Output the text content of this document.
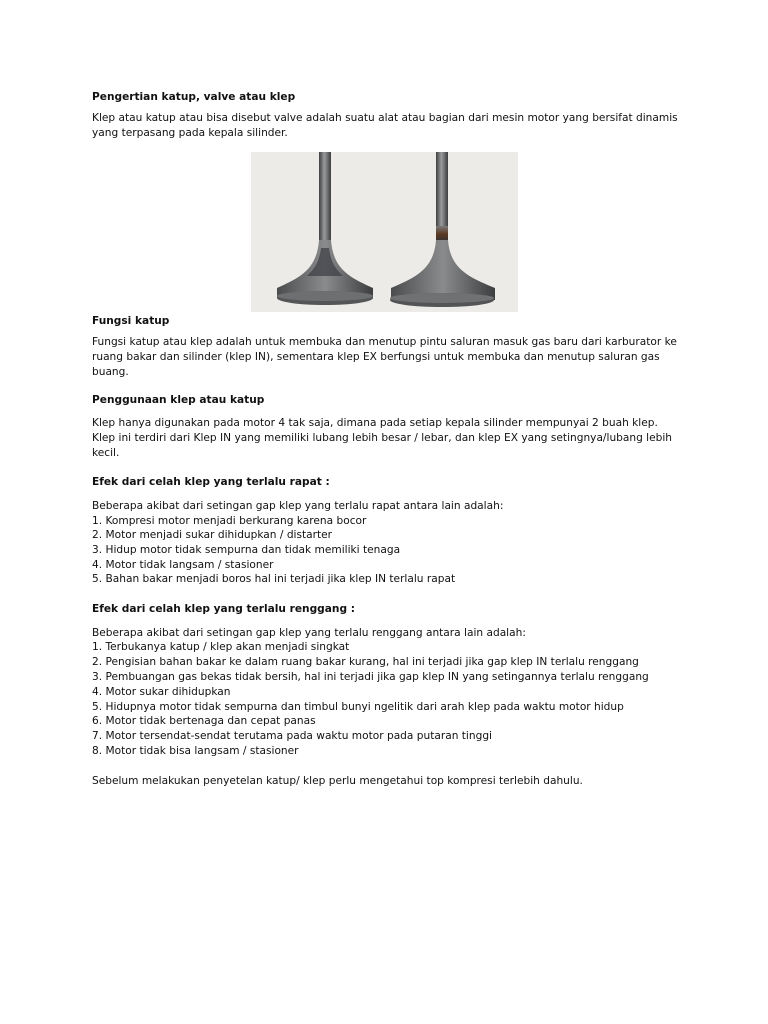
Pengertian katup, valve atau klep
Klep atau katup atau bisa disebut valve adalah suatu alat atau bagian dari mesin motor yang bersifat dinamis
yang terpasang pada kepala silinder.
Fungsi katup
Fungsi katup atau klep adalah untuk membuka dan menutup pintu saluran masuk gas baru dari karburator ke
ruang bakar dan silinder (klep IN), sementara klep EX berfungsi untuk membuka dan menutup saluran gas
buang.
Penggunaan klep atau katup
Klep hanya digunakan pada motor 4 tak saja, dimana pada setiap kepala silinder mempunyai 2 buah klep.
Klep ini terdiri dari Klep IN yang memiliki lubang lebih besar / lebar, dan klep EX yang setingnya/lubang lebih
kecil.
Efek dari celah klep yang terlalu rapat :
Beberapa akibat dari setingan gap klep yang terlalu rapat antara lain adalah:
1. Kompresi motor menjadi berkurang karena bocor
2. Motor menjadi sukar dihidupkan / distarter
3. Hidup motor tidak sempurna dan tidak memiliki tenaga
4. Motor tidak langsam / stasioner
5. Bahan bakar menjadi boros hal ini terjadi jika klep IN terlalu rapat
Efek dari celah klep yang terlalu renggang :
Beberapa akibat dari setingan gap klep yang terlalu renggang antara lain adalah:
1. Terbukanya katup / klep akan menjadi singkat
2. Pengisian bahan bakar ke dalam ruang bakar kurang, hal ini terjadi jika gap klep IN terlalu renggang
3. Pembuangan gas bekas tidak bersih, hal ini terjadi jika gap klep IN yang setingannya terlalu renggang
4. Motor sukar dihidupkan
5. Hidupnya motor tidak sempurna dan timbul bunyi ngelitik dari arah klep pada waktu motor hidup
6. Motor tidak bertenaga dan cepat panas
7. Motor tersendat-sendat terutama pada waktu motor pada putaran tinggi
8. Motor tidak bisa langsam / stasioner
Sebelum melakukan penyetelan katup/ klep perlu mengetahui top kompresi terlebih dahulu.
